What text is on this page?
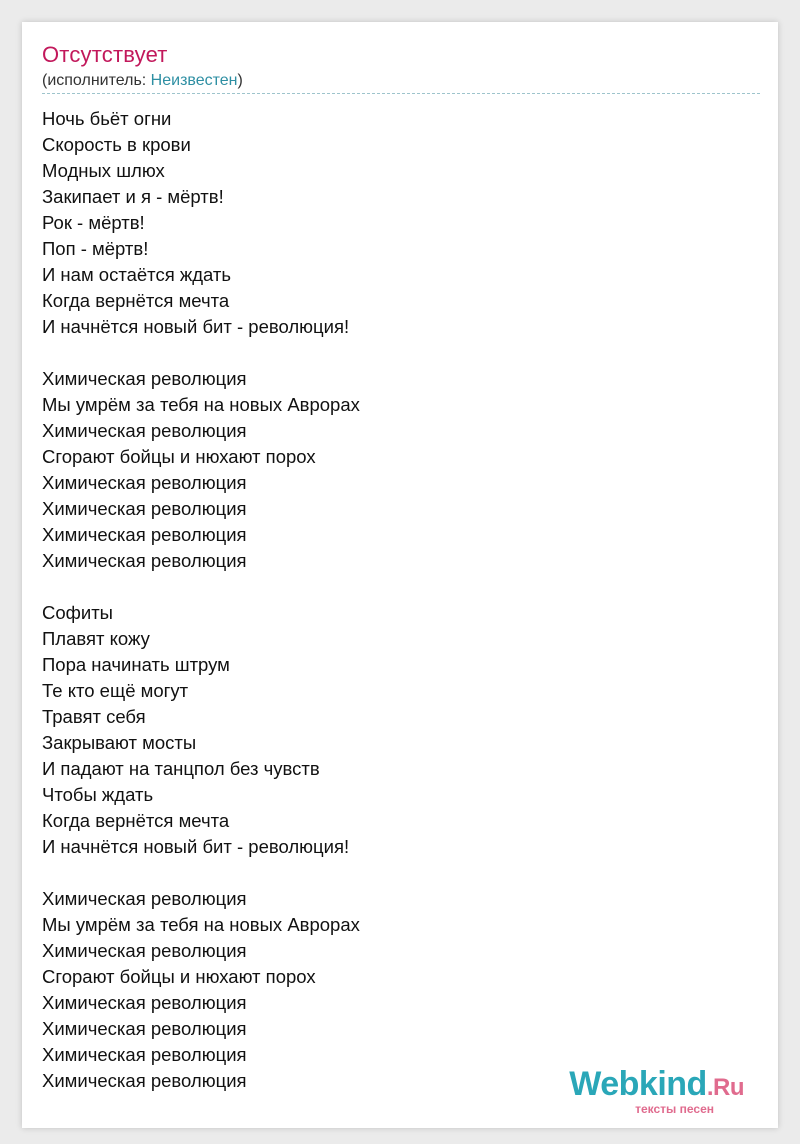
Отсутствует
(исполнитель: Неизвестен)
Ночь бьёт огни
Скорость в крови
Модных шлюх
Закипает и я - мёртв!
Рок - мёртв!
Поп - мёртв!
И нам остаётся ждать
Когда вернётся мечта
И начнётся новый бит - революция!
Химическая революция
Мы умрём за тебя на новых Аврорах
Химическая революция
Сгорают бойцы и нюхают порох
Химическая революция
Химическая революция
Химическая революция
Химическая революция
Софиты
Плавят кожу
Пора начинать штрум
Те кто ещё могут
Травят себя
Закрывают мосты
И падают на танцпол без чувств
Чтобы ждать
Когда вернётся мечта
И начнётся новый бит - революция!
Химическая революция
Мы умрём за тебя на новых Аврорах
Химическая революция
Сгорают бойцы и нюхают порох
Химическая революция
Химическая революция
Химическая революция
Химическая революция	Webkind.Ru
тексты песен
